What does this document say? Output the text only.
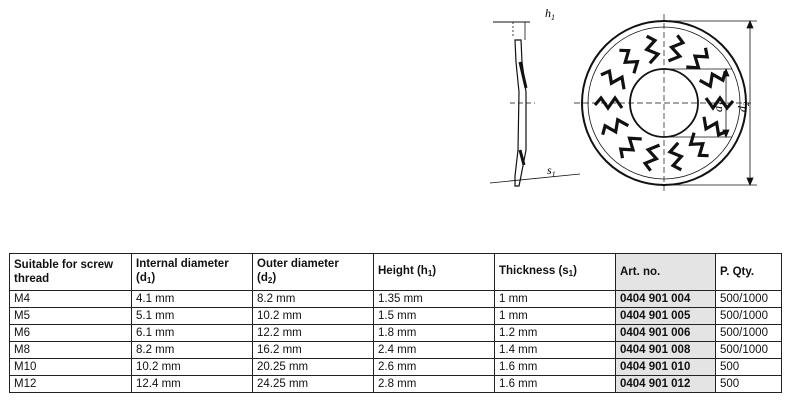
$h_1$
$s_1$
$d_1$
$d_2$
Suitable for screw
thread	Internal diameter
$(d_1)$	Outer diameter
$(d_2)$	Height $(h_1)$	Thickness $(s_1)$	Art. no.	P. Qty.
M4	4.1 mm	8.2 mm	1.35 mm	1 mm	0404 901 004	500/1000
M5	5.1 mm	10.2 mm	1.5 mm	1 mm	0404 901 005	500/1000
M6	6.1 mm	12.2 mm	1.8 mm	1.2 mm	0404 901 006	500/1000
M8	8.2 mm	16.2 mm	2.4 mm	1.4 mm	0404 901 008	500/1000
M10	10.2 mm	20.25 mm	2.6 mm	1.6 mm	0404 901 010	500
M12	12.4 mm	24.25 mm	2.8 mm	1.6 mm	0404 901 012	500
